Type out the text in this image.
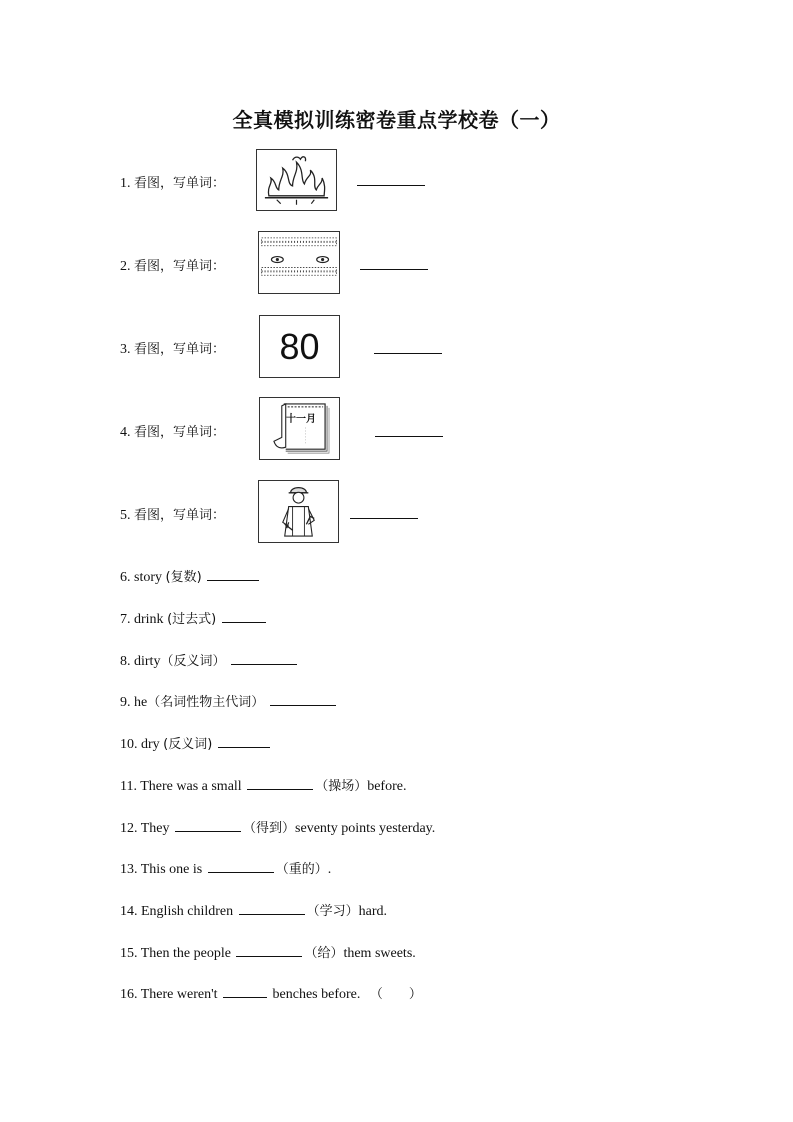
全真模拟训练密卷重点学校卷（一）
1. 看图，写单词：
2. 看图，写单词：
3. 看图，写单词： 80
4. 看图，写单词：
十一月
5. 看图，写单词：
6. story (复数)
7. drink (过去式)
8. dirty（反义词）
9. he（名词性物主代词）
10. dry (反义词)
11. There was a small	（操场）before.
12. They	（得到）seventy points yesterday.
13. This one is	（重的）.
14. English children	（学习）hard.
15. Then the people	（给）them sweets.
16. There weren't	benches before. （　　）
